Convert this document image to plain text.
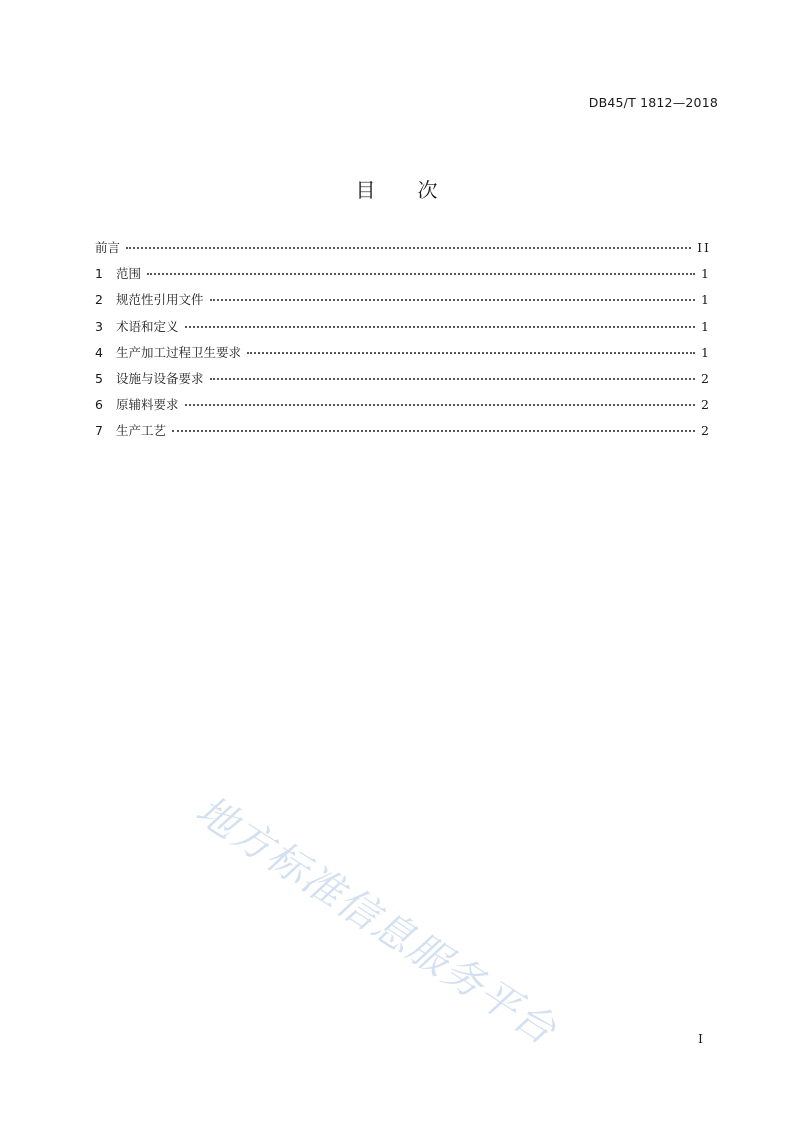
DB45/T 1812—2018
目次
前言	II
1	范围	1
2	规范性引用文件	1
3	术语和定义	1
4	生产加工过程卫生要求	1
5	设施与设备要求	2
6	原辅料要求	2
7	生产工艺	2
地方标准信息服务平台	I
